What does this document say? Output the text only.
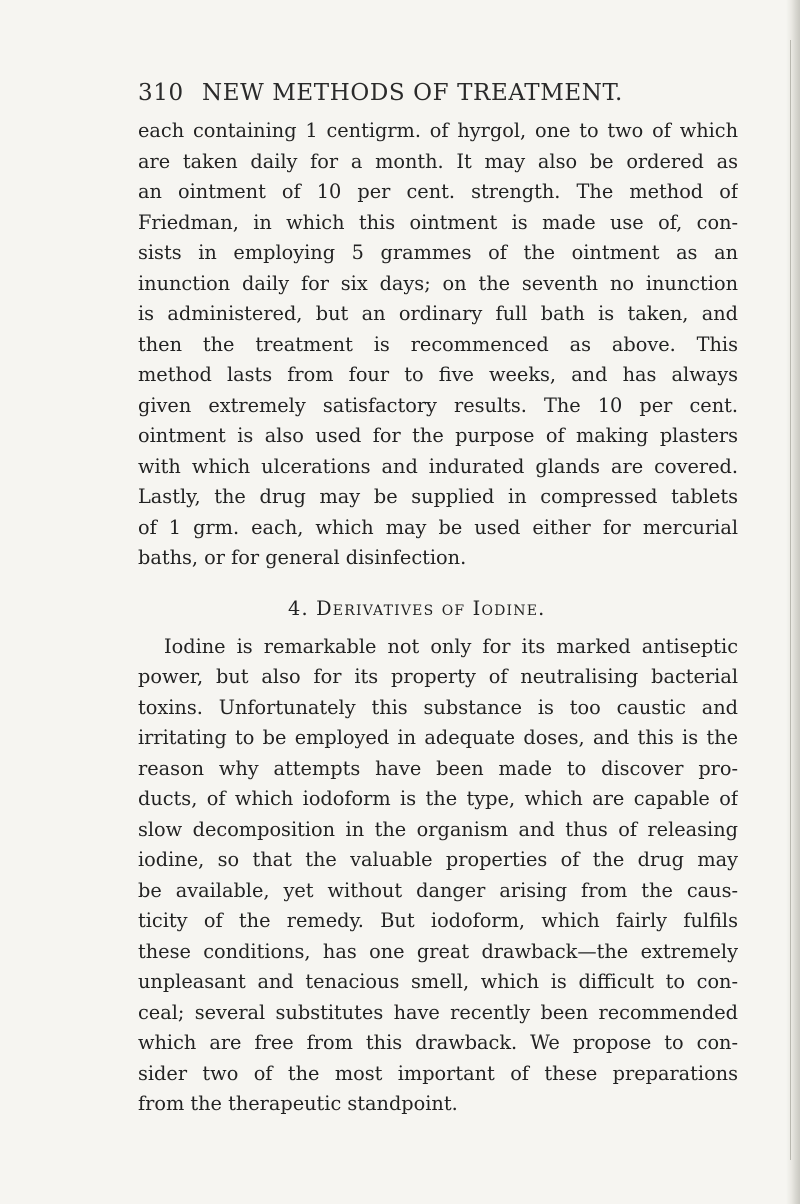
310 NEW METHODS OF TREATMENT.
each containing 1 centigrm. of hyrgol, one to two of which
are taken daily for a month. It may also be ordered as
an ointment of 10 per cent. strength. The method of
Friedman, in which this ointment is made use of, con-
sists in employing 5 grammes of the ointment as an
inunction daily for six days; on the seventh no inunction
is administered, but an ordinary full bath is taken, and
then the treatment is recommenced as above. This
method lasts from four to five weeks, and has always
given extremely satisfactory results. The 10 per cent.
ointment is also used for the purpose of making plasters
with which ulcerations and indurated glands are covered.
Lastly, the drug may be supplied in compressed tablets
of 1 grm. each, which may be used either for mercurial
baths, or for general disinfection.
4. Derivatives of Iodine.
Iodine is remarkable not only for its marked antiseptic
power, but also for its property of neutralising bacterial
toxins. Unfortunately this substance is too caustic and
irritating to be employed in adequate doses, and this is the
reason why attempts have been made to discover pro-
ducts, of which iodoform is the type, which are capable of
slow decomposition in the organism and thus of releasing
iodine, so that the valuable properties of the drug may
be available, yet without danger arising from the caus-
ticity of the remedy. But iodoform, which fairly fulfils
these conditions, has one great drawback—the extremely
unpleasant and tenacious smell, which is difficult to con-
ceal; several substitutes have recently been recommended
which are free from this drawback. We propose to con-
sider two of the most important of these preparations
from the therapeutic standpoint.
